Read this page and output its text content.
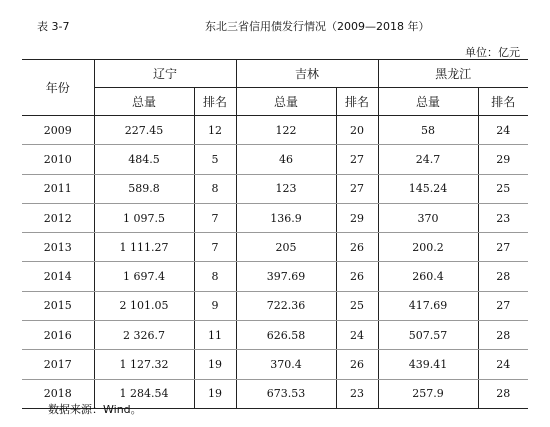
表 3-7	东北三省信用债发行情况（2009—2018 年）
单位：亿元
年份	辽宁		吉林		黑龙江	
	总量	排名	总量	排名	总量	排名
2009	227.45	12	122	20	58	24
2010	484.5	5	46	27	24.7	29
2011	589.8	8	123	27	145.24	25
2012	1 097.5	7	136.9	29	370	23
2013	1 111.27	7	205	26	200.2	27
2014	1 697.4	8	397.69	26	260.4	28
2015	2 101.05	9	722.36	25	417.69	27
2016	2 326.7	11	626.58	24	507.57	28
2017	1 127.32	19	370.4	26	439.41	24
2018	1 284.54	19	673.53	23	257.9	28
数据来源：Wind。
